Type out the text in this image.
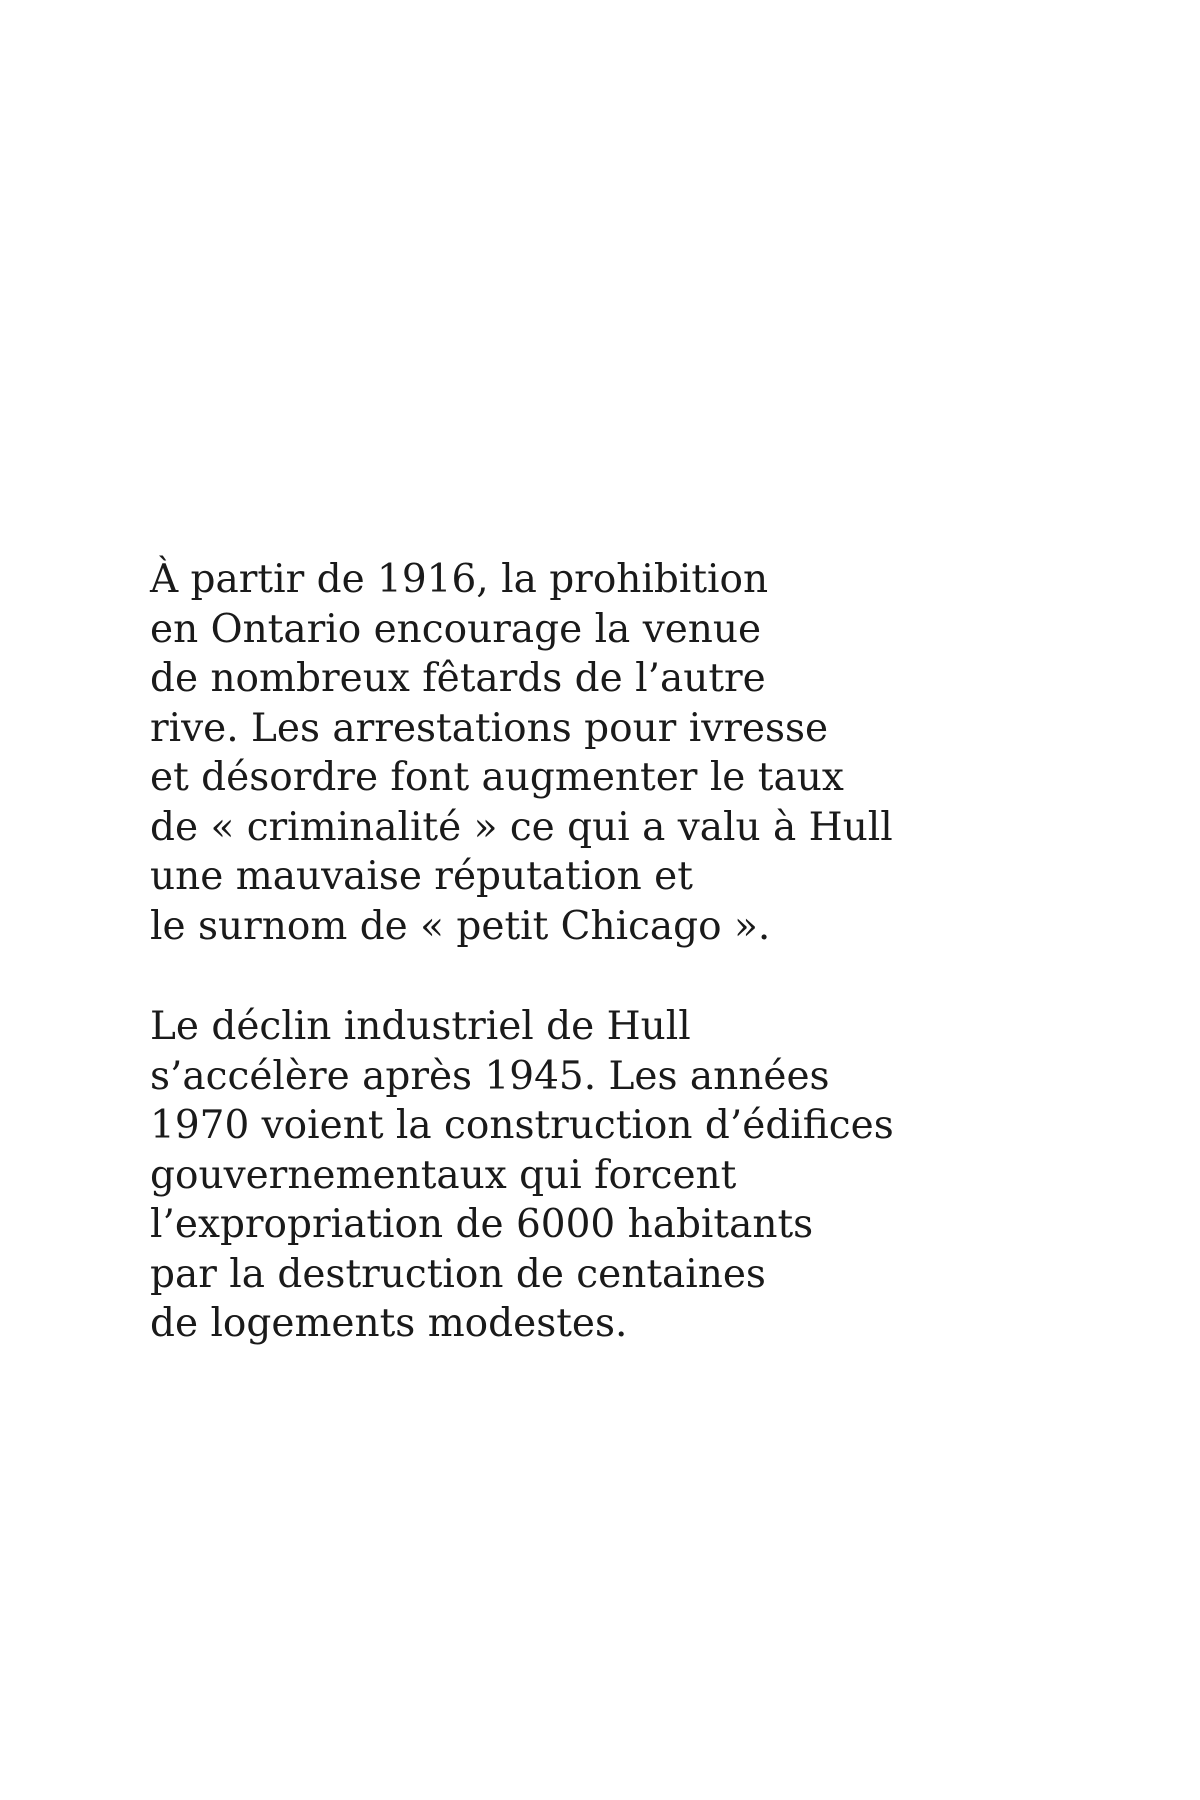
À partir de 1916, la prohibition
en Ontario encourage la venue
de nombreux fêtards de l’autre
rive. Les arrestations pour ivresse
et désordre font augmenter le taux
de « criminalité » ce qui a valu à Hull
une mauvaise réputation et
le surnom de « petit Chicago ».

Le déclin industriel de Hull
s’accélère après 1945. Les années
1970 voient la construction d’édifices
gouvernementaux qui forcent
l’expropriation de 6000 habitants
par la destruction de centaines
de logements modestes.
